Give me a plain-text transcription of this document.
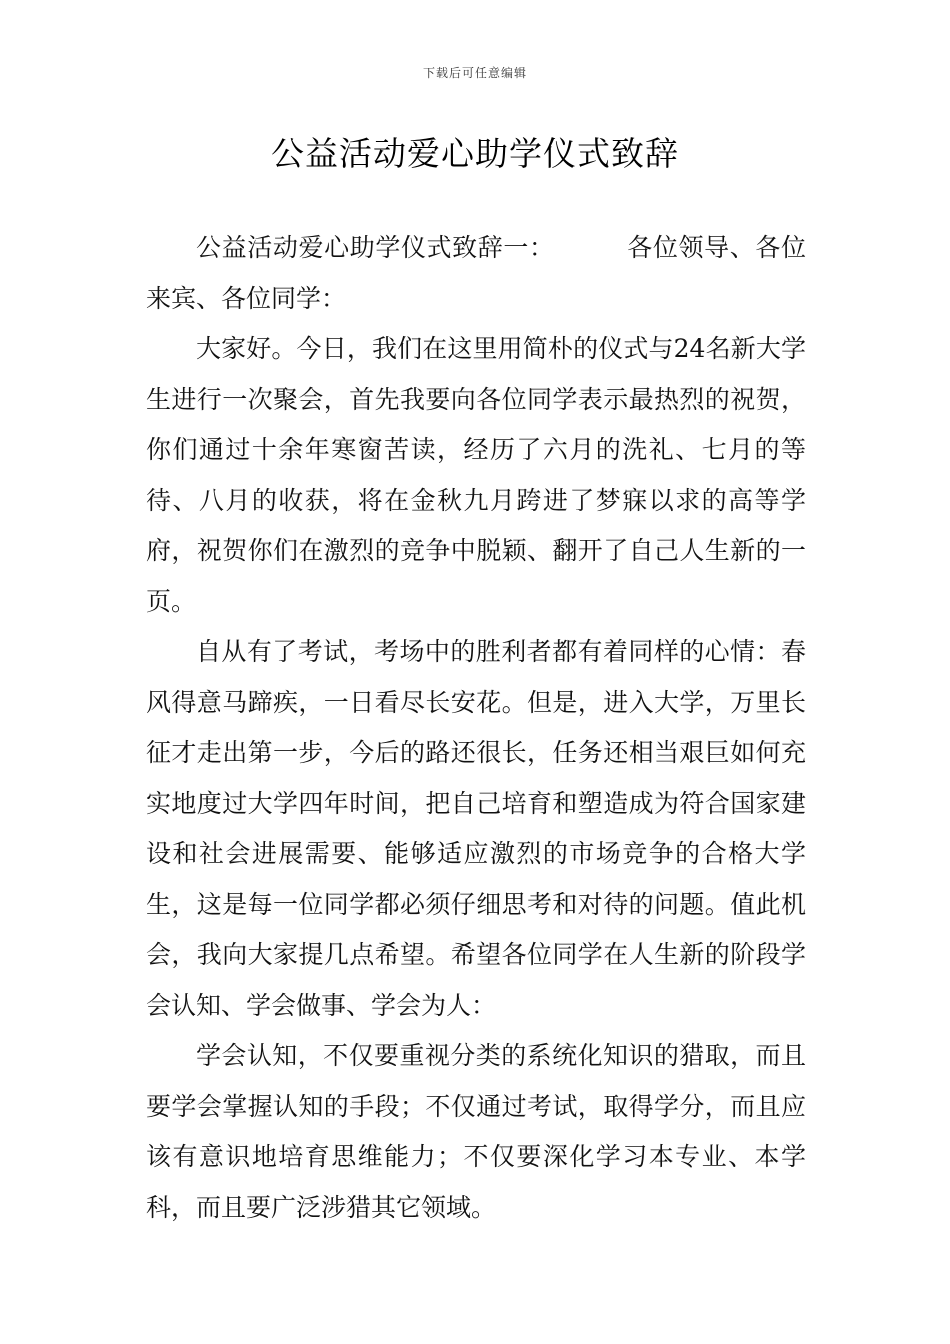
下载后可任意编辑
公益活动爱心助学仪式致辞

公益活动爱心助学仪式致辞一：	各位领导、各位来宾、各位同学：

大家好。今日，我们在这里用简朴的仪式与24名新大学生进行一次聚会，首先我要向各位同学表示最热烈的祝贺，你们通过十余年寒窗苦读，经历了六月的洗礼、七月的等待、八月的收获，将在金秋九月跨进了梦寐以求的高等学府，祝贺你们在激烈的竞争中脱颖、翻开了自己人生新的一页。

自从有了考试，考场中的胜利者都有着同样的心情：春风得意马蹄疾，一日看尽长安花。但是，进入大学，万里长征才走出第一步，今后的路还很长，任务还相当艰巨如何充实地度过大学四年时间，把自己培育和塑造成为符合国家建设和社会进展需要、能够适应激烈的市场竞争的合格大学生，这是每一位同学都必须仔细思考和对待的问题。值此机会，我向大家提几点希望。希望各位同学在人生新的阶段学会认知、学会做事、学会为人：

学会认知，不仅要重视分类的系统化知识的猎取，而且要学会掌握认知的手段；不仅通过考试，取得学分，而且应该有意识地培育思维能力；不仅要深化学习本专业、本学科，而且要广泛涉猎其它领域。
